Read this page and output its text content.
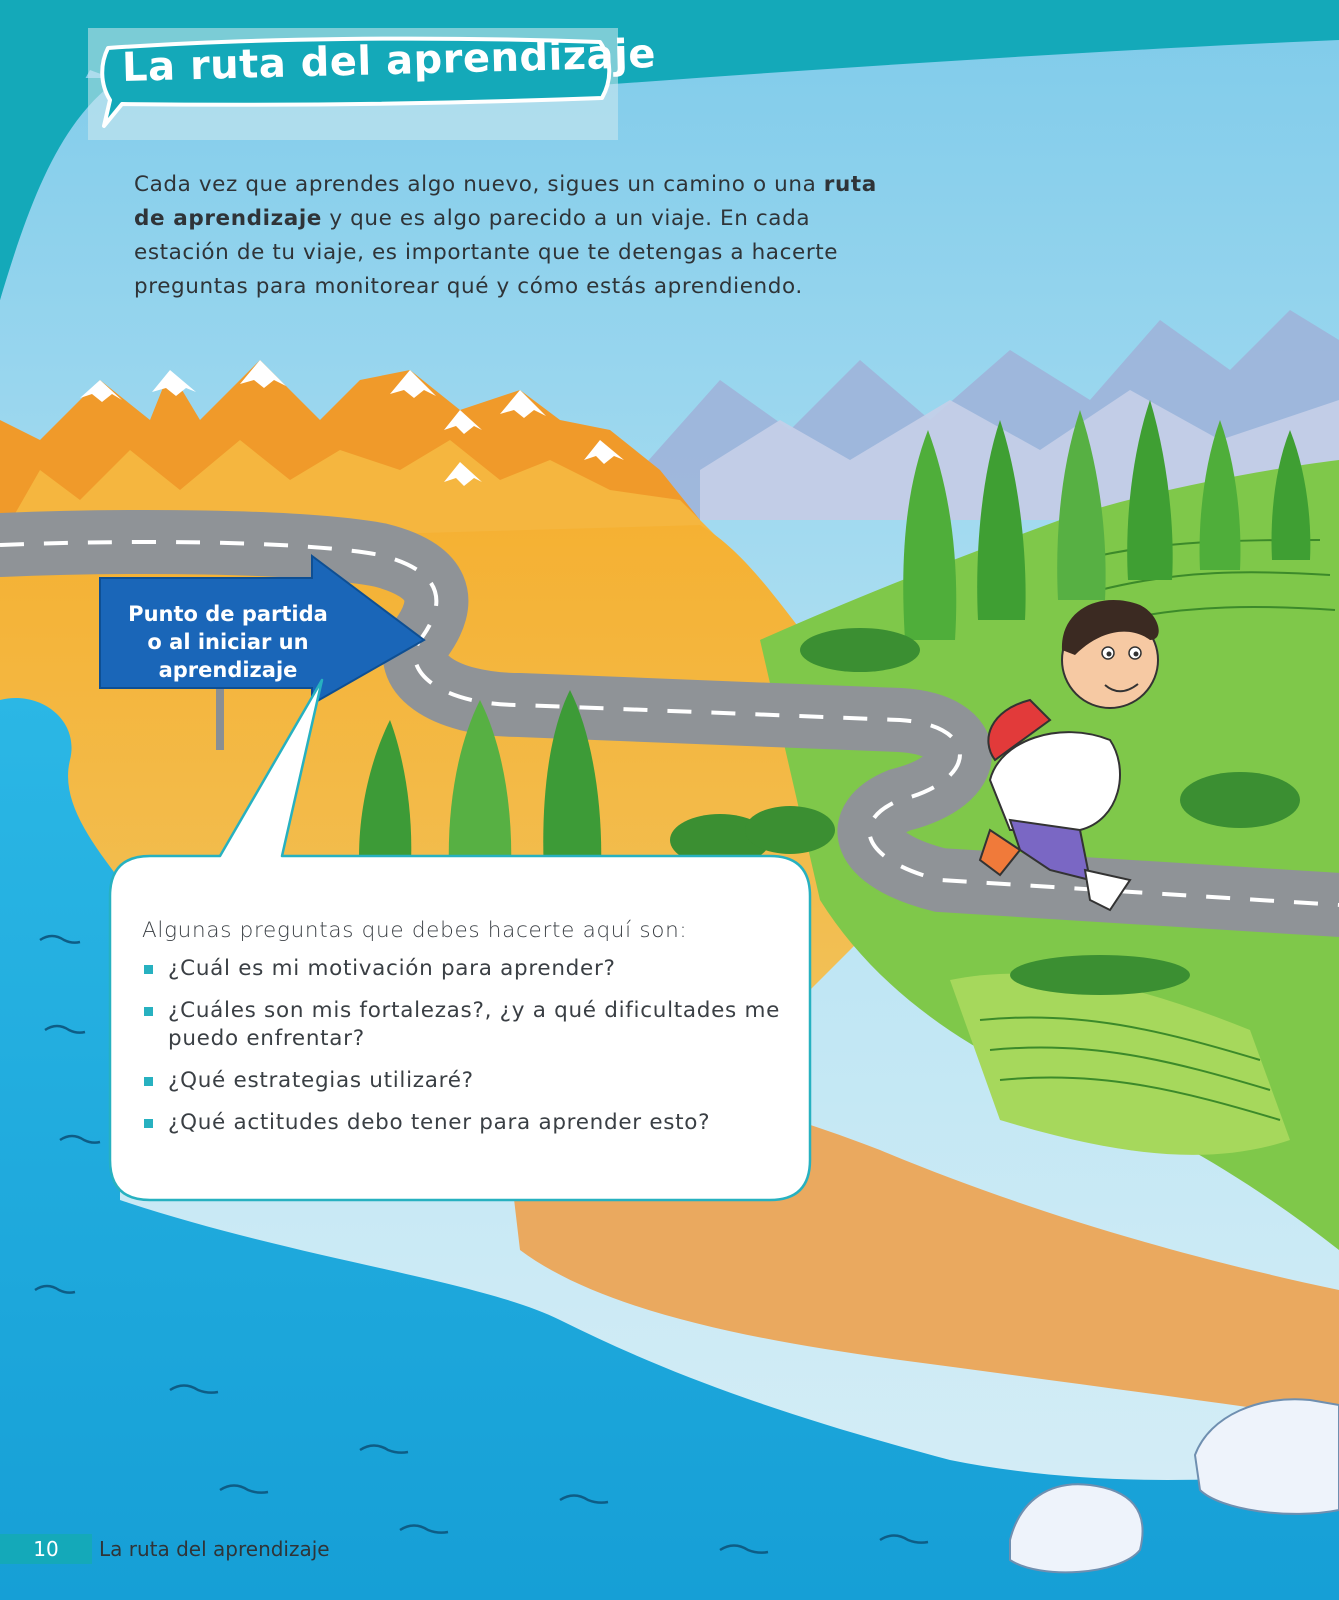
La ruta del aprendizaje

Cada vez que aprendes algo nuevo, sigues un camino o una ruta de aprendizaje y que es algo parecido a un viaje. En cada estación de tu viaje, es importante que te detengas a hacerte preguntas para monitorear qué y cómo estás aprendiendo.

Punto de partida
o al iniciar un
aprendizaje

Algunas preguntas que debes hacerte aquí son:

¿Cuál es mi motivación para aprender?
¿Cuáles son mis fortalezas?, ¿y a qué dificultades me puedo enfrentar?
¿Qué estrategias utilizaré?
¿Qué actitudes debo tener para aprender esto?
10	La ruta del aprendizaje
